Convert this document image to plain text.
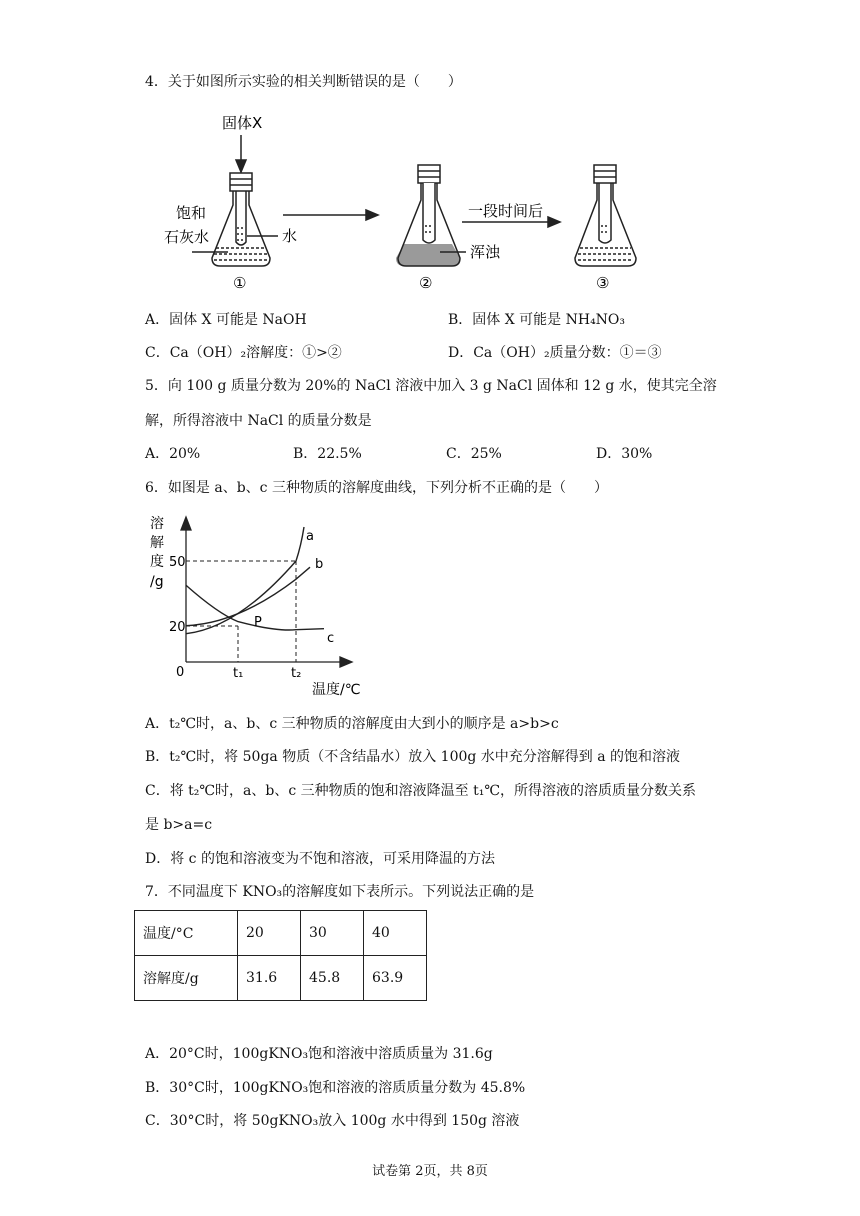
4．关于如图所示实验的相关判断错误的是（　　）
固体X
饱和
石灰水	水
一段时间后
浑浊
①	②	③
A．固体 X 可能是 NaOH	B．固体 X 可能是 NH₄NO₃
C．Ca（OH）₂溶解度：①>②	D．Ca（OH）₂质量分数：①＝③
5．向 100 g 质量分数为 20%的 NaCl 溶液中加入 3 g NaCl 固体和 12 g 水，使其完全溶
解，所得溶液中 NaCl 的质量分数是
A．20%	B．22.5%	C．25%	D．30%
6．如图是 a、b、c 三种物质的溶解度曲线，下列分析不正确的是（　　）
溶
解
度
/g
50
20
0	t₁	t₂
温度/℃
P
a
b
c
A．t₂℃时，a、b、c 三种物质的溶解度由大到小的顺序是 a>b>c
B．t₂℃时，将 50ga 物质（不含结晶水）放入 100g 水中充分溶解得到 a 的饱和溶液
C．将 t₂℃时，a、b、c 三种物质的饱和溶液降温至 t₁℃，所得溶液的溶质质量分数关系
是 b>a=c
D．将 c 的饱和溶液变为不饱和溶液，可采用降温的方法
7．不同温度下 KNO₃的溶解度如下表所示。下列说法正确的是
温度/°C	20	30	40
溶解度/g	31.6	45.8	63.9
A．20°C时，100gKNO₃饱和溶液中溶质质量为 31.6g
B．30°C时，100gKNO₃饱和溶液的溶质质量分数为 45.8%
C．30°C时，将 50gKNO₃放入 100g 水中得到 150g 溶液
试卷第 2页，共 8页
